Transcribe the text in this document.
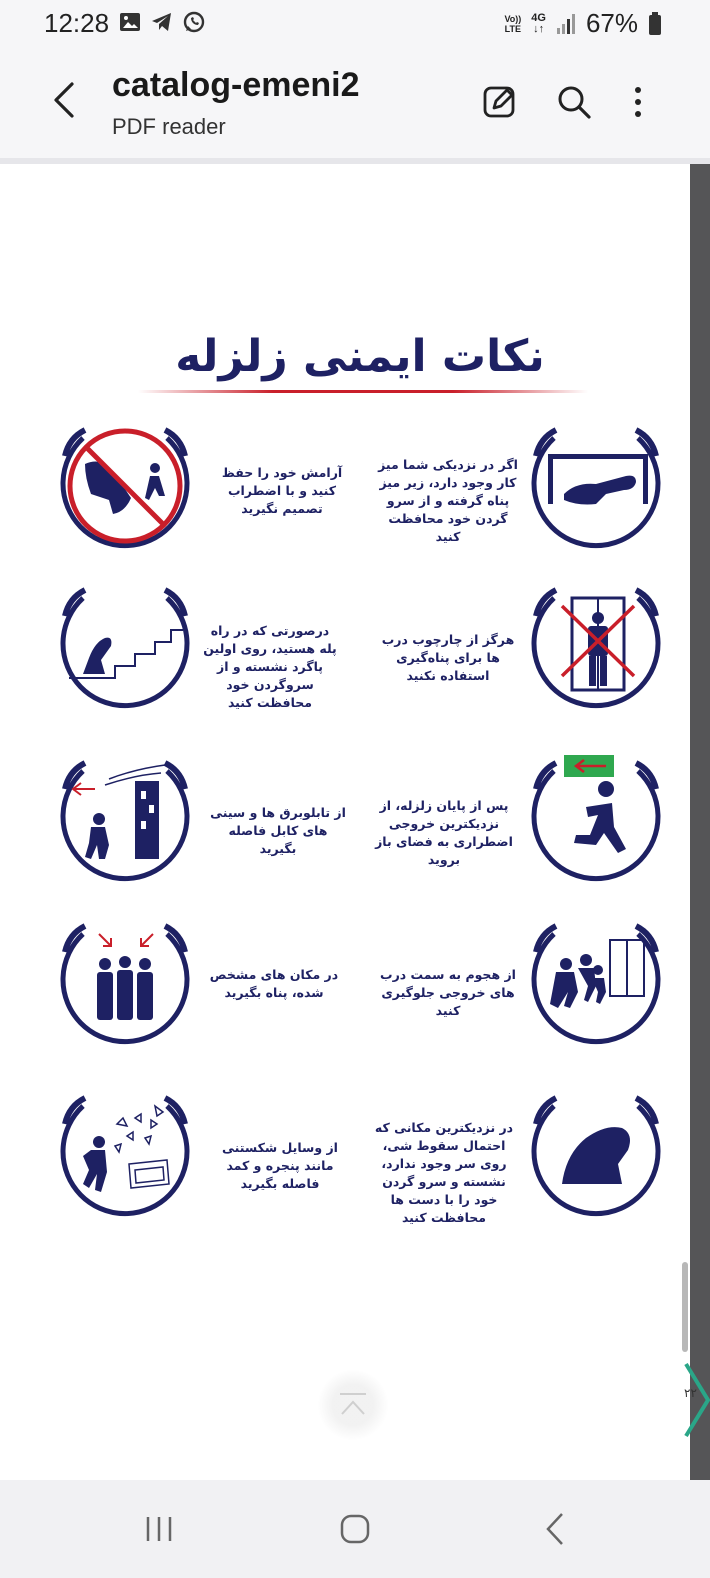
12:28	Vo))
LTE
4G
↓↑ 67%
catalog-emeni2
PDF reader
نکات ایمنی زلزله
اگر در نزدیکی شما میز کار وجود دارد، زیر میز پناه گرفته و از سرو گردن خود محافظت کنید
آرامش خود را حفظ کنید و با اضطراب تصمیم نگیرید
هرگز از چارچوب درب ها برای پناه‌گیری استفاده نکنید
درصورتی که در راه پله هستید، روی اولین پاگرد نشسته و از سروگردن خود محافظت کنید
پس از پایان زلزله، از نزدیکترین خروجی اضطراری به فضای باز بروید
از تابلوبرق ها و سینی های کابل فاصله بگیرید
از هجوم به سمت درب های خروجی جلوگیری کنید
در مکان های مشخص شده، پناه بگیرید
در نزدیکترین مکانی که احتمال سقوط شی، روی سر وجود ندارد، نشسته و سرو گردن خود را با دست ها محافظت کنید
از وسایل شکستنی مانند پنجره و کمد فاصله بگیرید
۲۲
